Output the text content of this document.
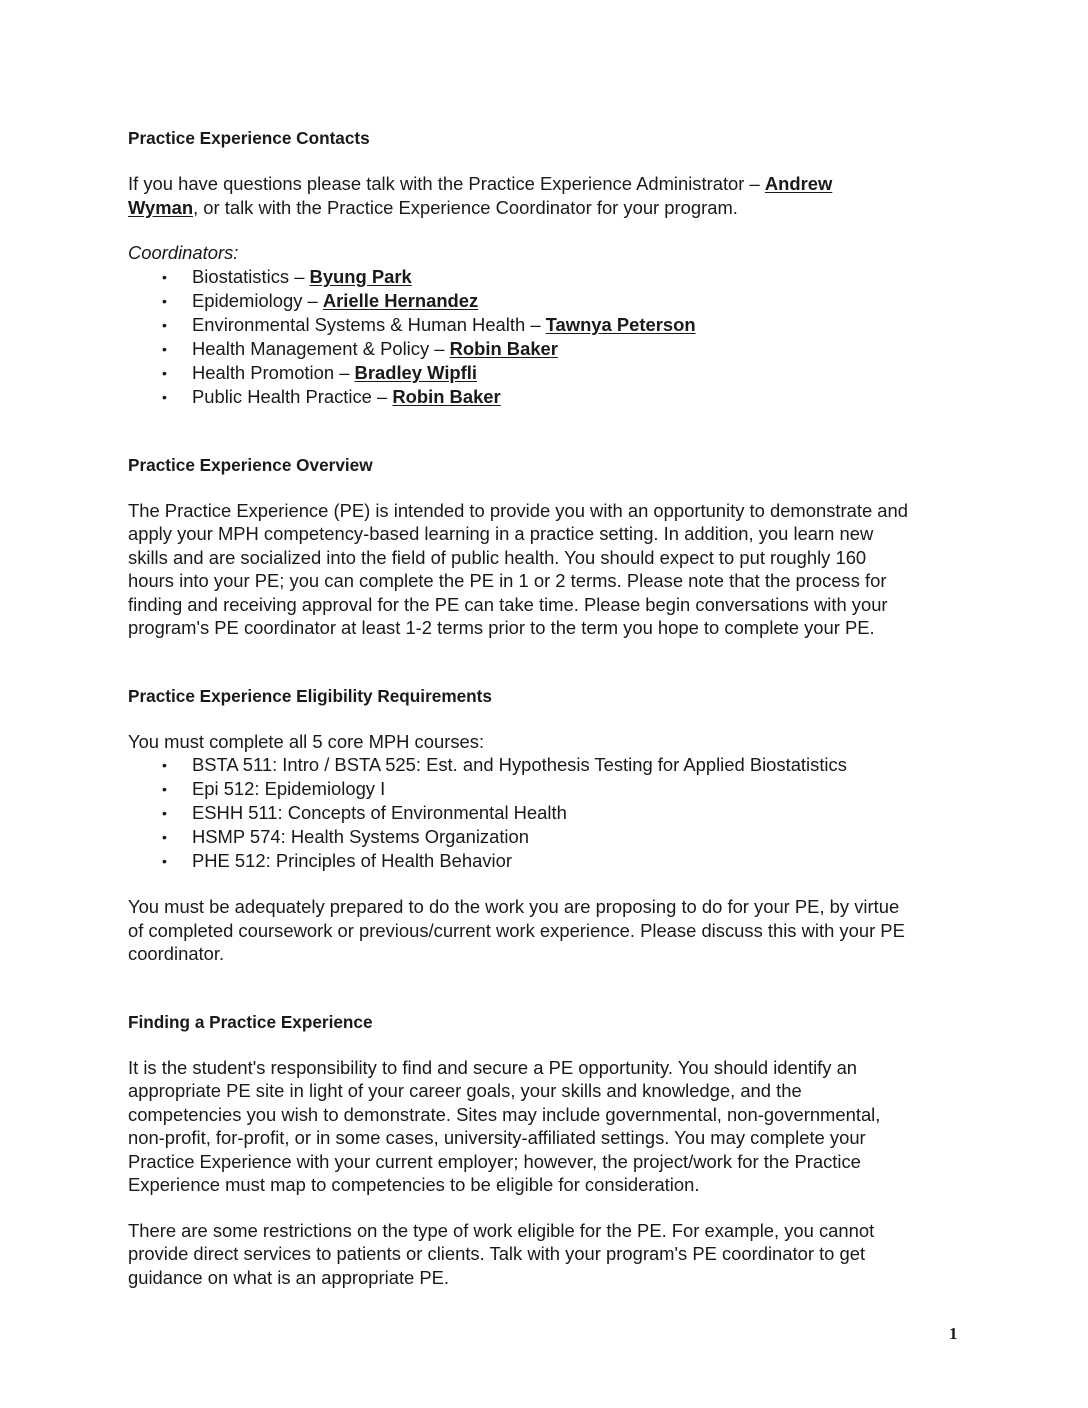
Practice Experience Contacts

If you have questions please talk with the Practice Experience Administrator – Andrew
Wyman, or talk with the Practice Experience Coordinator for your program.

Coordinators:

• Biostatistics – Byung Park
• Epidemiology – Arielle Hernandez
• Environmental Systems & Human Health – Tawnya Peterson
• Health Management & Policy – Robin Baker
• Health Promotion – Bradley Wipfli
• Public Health Practice – Robin Baker
Practice Experience Overview

The Practice Experience (PE) is intended to provide you with an opportunity to demonstrate and
apply your MPH competency-based learning in a practice setting. In addition, you learn new
skills and are socialized into the field of public health. You should expect to put roughly 160
hours into your PE; you can complete the PE in 1 or 2 terms. Please note that the process for
finding and receiving approval for the PE can take time. Please begin conversations with your
program's PE coordinator at least 1-2 terms prior to the term you hope to complete your PE.

Practice Experience Eligibility Requirements

You must complete all 5 core MPH courses:

• BSTA 511: Intro / BSTA 525: Est. and Hypothesis Testing for Applied Biostatistics
• Epi 512: Epidemiology I
• ESHH 511: Concepts of Environmental Health
• HSMP 574: Health Systems Organization
• PHE 512: Principles of Health Behavior

You must be adequately prepared to do the work you are proposing to do for your PE, by virtue
of completed coursework or previous/current work experience. Please discuss this with your PE
coordinator.

Finding a Practice Experience

It is the student's responsibility to find and secure a PE opportunity. You should identify an
appropriate PE site in light of your career goals, your skills and knowledge, and the
competencies you wish to demonstrate. Sites may include governmental, non-governmental,
non-profit, for-profit, or in some cases, university-affiliated settings. You may complete your
Practice Experience with your current employer; however, the project/work for the Practice
Experience must map to competencies to be eligible for consideration.

There are some restrictions on the type of work eligible for the PE. For example, you cannot
provide direct services to patients or clients. Talk with your program's PE coordinator to get
guidance on what is an appropriate PE.

1
